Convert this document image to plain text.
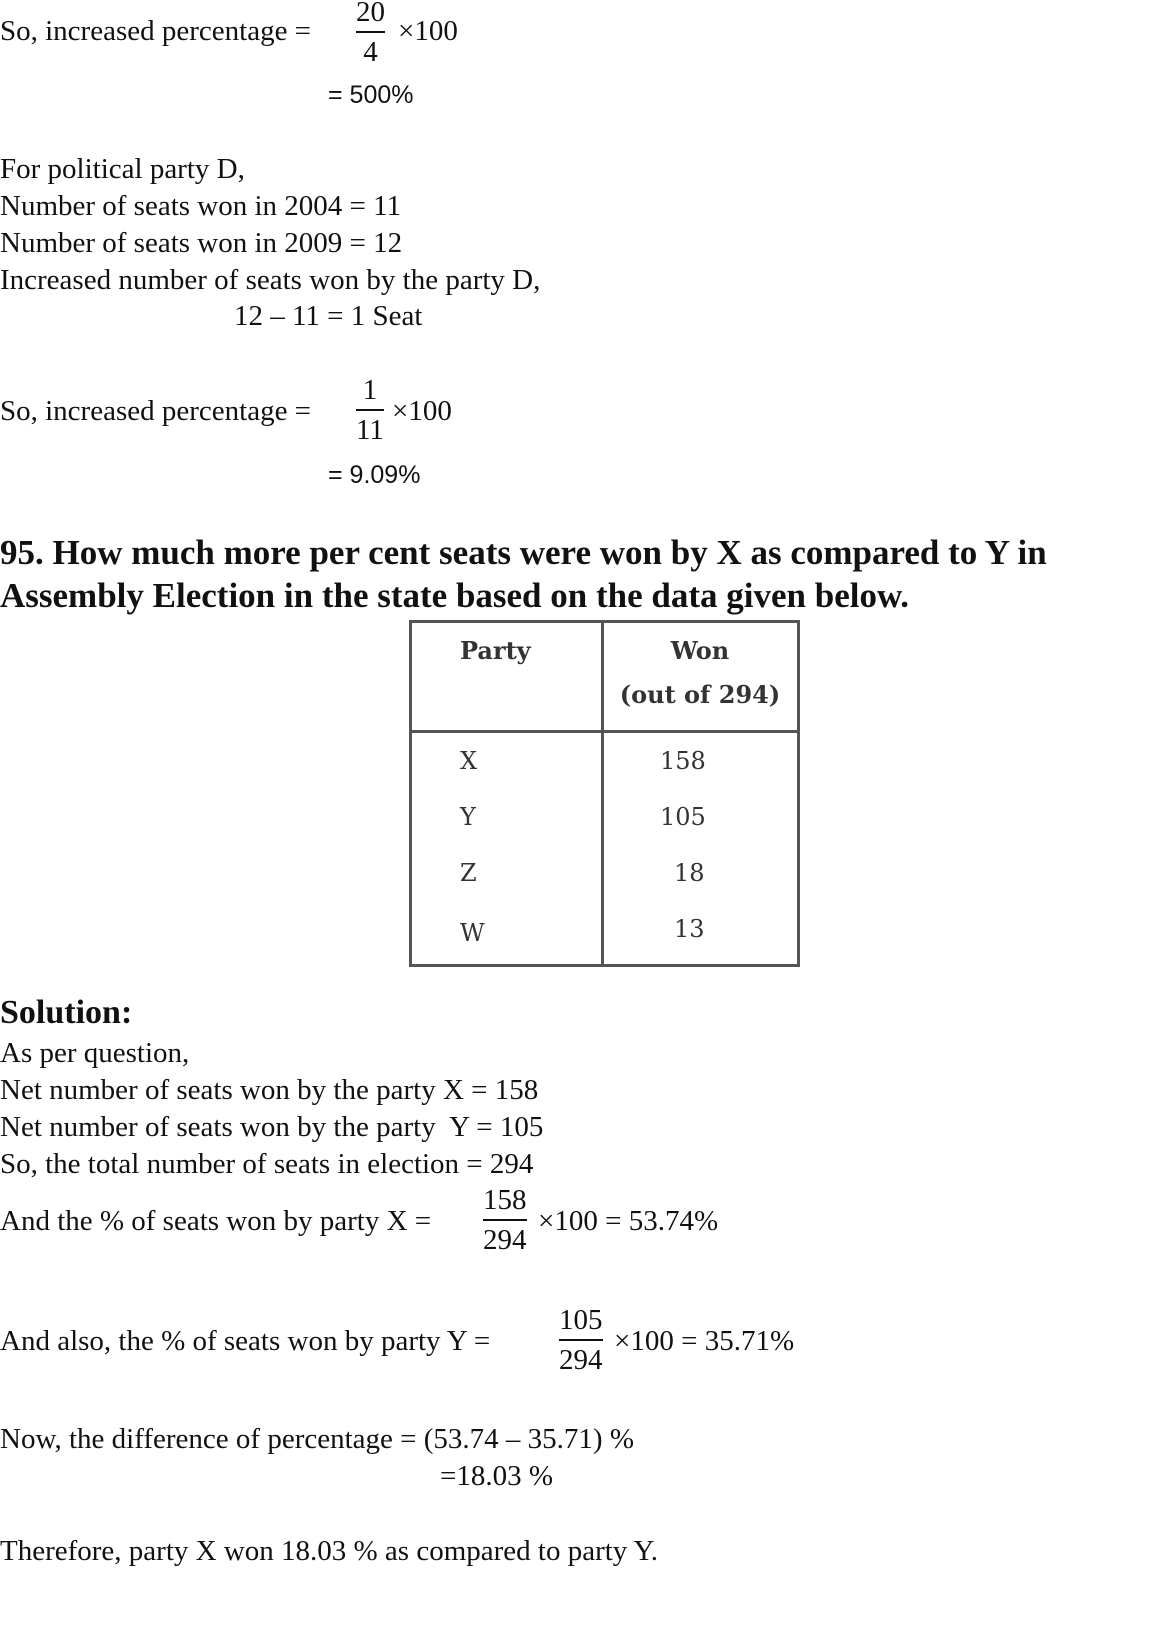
So, increased percentage =
20
4
×100
= 500%
For political party D,
Number of seats won in 2004 = 11
Number of seats won in 2009 = 12
Increased number of seats won by the party D,
12 – 11 = 1 Seat
So, increased percentage =
1
11
×100
= 9.09%
95. How much more per cent seats were won by X as compared to Y in
Assembly Election in the state based on the data given below.
Party	Won
(out of 294)
X	158
Y	105
Z	18
W	13
Solution:
As per question,
Net number of seats won by the party X = 158
Net number of seats won by the party  Y = 105
So, the total number of seats in election = 294
And the % of seats won by party X =
158
294
×100 = 53.74%
And also, the % of seats won by party Y =
105
294
×100 = 35.71%
Now, the difference of percentage = (53.74 – 35.71) %
=18.03 %
Therefore, party X won 18.03 % as compared to party Y.
